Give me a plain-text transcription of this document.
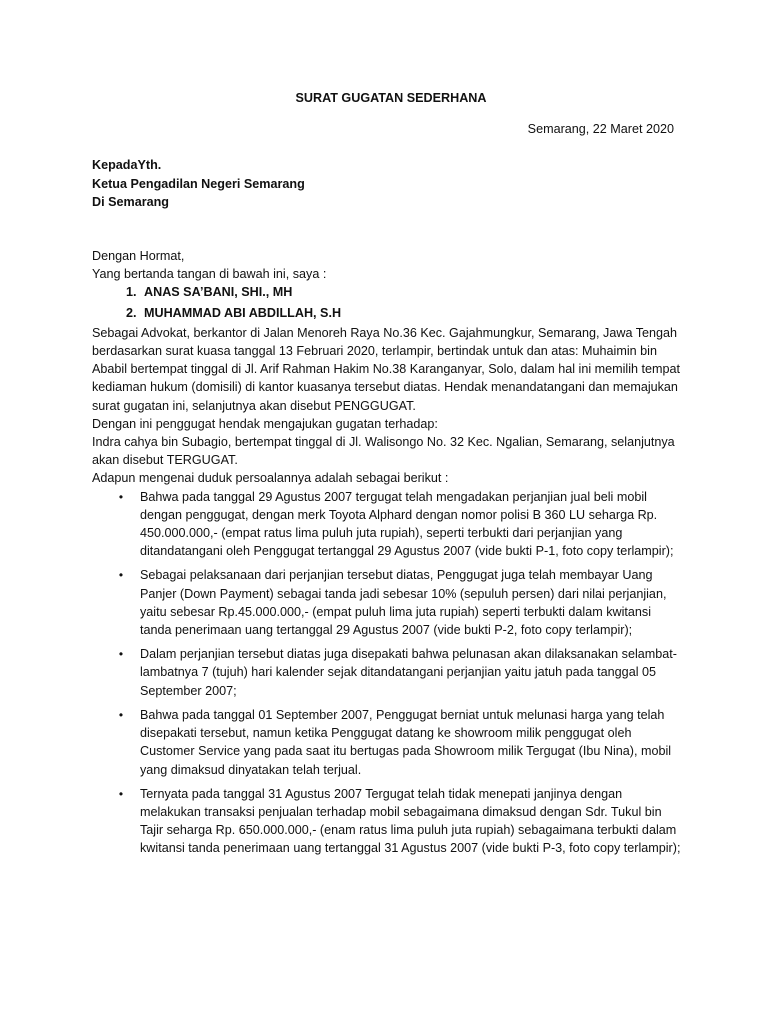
SURAT GUGATAN SEDERHANA
Semarang, 22 Maret 2020
KepadaYth.
Ketua Pengadilan Negeri Semarang
Di Semarang

Dengan Hormat,

Yang bertanda tangan di bawah ini, saya :

1. ANAS SA’BANI, SHI., MH
2. MUHAMMAD ABI ABDILLAH, S.H

Sebagai Advokat, berkantor di Jalan Menoreh Raya No.36 Kec. Gajahmungkur, Semarang, Jawa Tengah berdasarkan surat kuasa tanggal 13 Februari 2020, terlampir, bertindak untuk dan atas: Muhaimin bin Ababil bertempat tinggal di Jl. Arif Rahman Hakim No.38 Karanganyar, Solo, dalam hal ini memilih tempat kediaman hukum (domisili) di kantor kuasanya tersebut diatas. Hendak menandatangani dan memajukan surat gugatan ini, selanjutnya akan disebut PENGGUGAT.

Dengan ini penggugat hendak mengajukan gugatan terhadap:

Indra cahya bin Subagio, bertempat tinggal di Jl. Walisongo No. 32 Kec. Ngalian, Semarang, selanjutnya akan disebut TERGUGAT.

Adapun mengenai duduk persoalannya adalah sebagai berikut :

• Bahwa pada tanggal 29 Agustus 2007 tergugat telah mengadakan perjanjian jual beli mobil dengan penggugat, dengan merk Toyota Alphard dengan nomor polisi B 360 LU seharga Rp. 450.000.000,- (empat ratus lima puluh juta rupiah), seperti terbukti dari perjanjian yang ditandatangani oleh Penggugat tertanggal 29 Agustus 2007 (vide bukti P-1, foto copy terlampir);
• Sebagai pelaksanaan dari perjanjian tersebut diatas, Penggugat juga telah membayar Uang Panjer (Down Payment) sebagai tanda jadi sebesar 10% (sepuluh persen) dari nilai perjanjian, yaitu sebesar Rp.45.000.000,- (empat puluh lima juta rupiah) seperti terbukti dalam kwitansi tanda penerimaan uang tertanggal 29 Agustus 2007 (vide bukti P-2, foto copy terlampir);
• Dalam perjanjian tersebut diatas juga disepakati bahwa pelunasan akan dilaksanakan selambat-lambatnya 7 (tujuh) hari kalender sejak ditandatangani perjanjian yaitu jatuh pada tanggal 05 September 2007;
• Bahwa pada tanggal 01 September 2007, Penggugat berniat untuk melunasi harga yang telah disepakati tersebut, namun ketika Penggugat datang ke showroom milik penggugat oleh Customer Service yang pada saat itu bertugas pada Showroom milik Tergugat (Ibu Nina), mobil yang dimaksud dinyatakan telah terjual.
• Ternyata pada tanggal 31 Agustus 2007 Tergugat telah tidak menepati janjinya dengan melakukan transaksi penjualan terhadap mobil sebagaimana dimaksud dengan Sdr. Tukul bin Tajir seharga Rp. 650.000.000,- (enam ratus lima puluh juta rupiah) sebagaimana terbukti dalam kwitansi tanda penerimaan uang tertanggal 31 Agustus 2007 (vide bukti P-3, foto copy terlampir);
